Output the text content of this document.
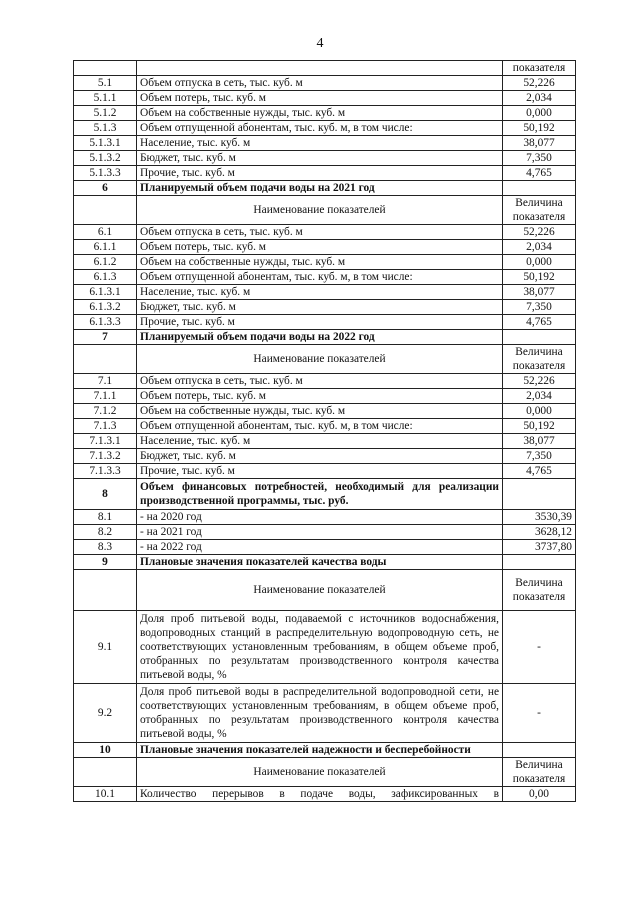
4
		показателя
5.1	Объем отпуска в сеть, тыс. куб. м	52,226
5.1.1	Объем потерь, тыс. куб. м	2,034
5.1.2	Объем на собственные нужды, тыс. куб. м	0,000
5.1.3	Объем отпущенной абонентам, тыс. куб. м, в том числе:	50,192
5.1.3.1	Население, тыс. куб. м	38,077
5.1.3.2	Бюджет, тыс. куб. м	7,350
5.1.3.3	Прочие, тыс. куб. м	4,765
6	Планируемый объем подачи воды на 2021 год	
	Наименование показателей	Величина показателя
6.1	Объем отпуска в сеть, тыс. куб. м	52,226
6.1.1	Объем потерь, тыс. куб. м	2,034
6.1.2	Объем на собственные нужды, тыс. куб. м	0,000
6.1.3	Объем отпущенной абонентам, тыс. куб. м, в том числе:	50,192
6.1.3.1	Население, тыс. куб. м	38,077
6.1.3.2	Бюджет, тыс. куб. м	7,350
6.1.3.3	Прочие, тыс. куб. м	4,765
7	Планируемый объем подачи воды на 2022 год	
	Наименование показателей	Величина показателя
7.1	Объем отпуска в сеть, тыс. куб. м	52,226
7.1.1	Объем потерь, тыс. куб. м	2,034
7.1.2	Объем на собственные нужды, тыс. куб. м	0,000
7.1.3	Объем отпущенной абонентам, тыс. куб. м, в том числе:	50,192
7.1.3.1	Население, тыс. куб. м	38,077
7.1.3.2	Бюджет, тыс. куб. м	7,350
7.1.3.3	Прочие, тыс. куб. м	4,765
8	Объем финансовых потребностей, необходимый для реализации производственной программы, тыс. руб.	
8.1	- на 2020 год	3530,39
8.2	- на 2021 год	3628,12
8.3	- на 2022 год	3737,80
9	Плановые значения показателей качества воды	
	Наименование показателей	Величина показателя
9.1	Доля проб питьевой воды, подаваемой с источников водоснабжения, водопроводных станций в распределительную водопроводную сеть, не соответствующих установленным требованиям, в общем объеме проб, отобранных по результатам производственного контроля качества питьевой воды, %	-
9.2	Доля проб питьевой воды в распределительной водопроводной сети, не соответствующих установленным требованиям, в общем объеме проб, отобранных по результатам производственного контроля качества питьевой воды, %	-
10	Плановые значения показателей надежности и бесперебойности	
	Наименование показателей	Величина показателя
10.1	Количество перерывов в подаче воды, зафиксированных в	0,00
